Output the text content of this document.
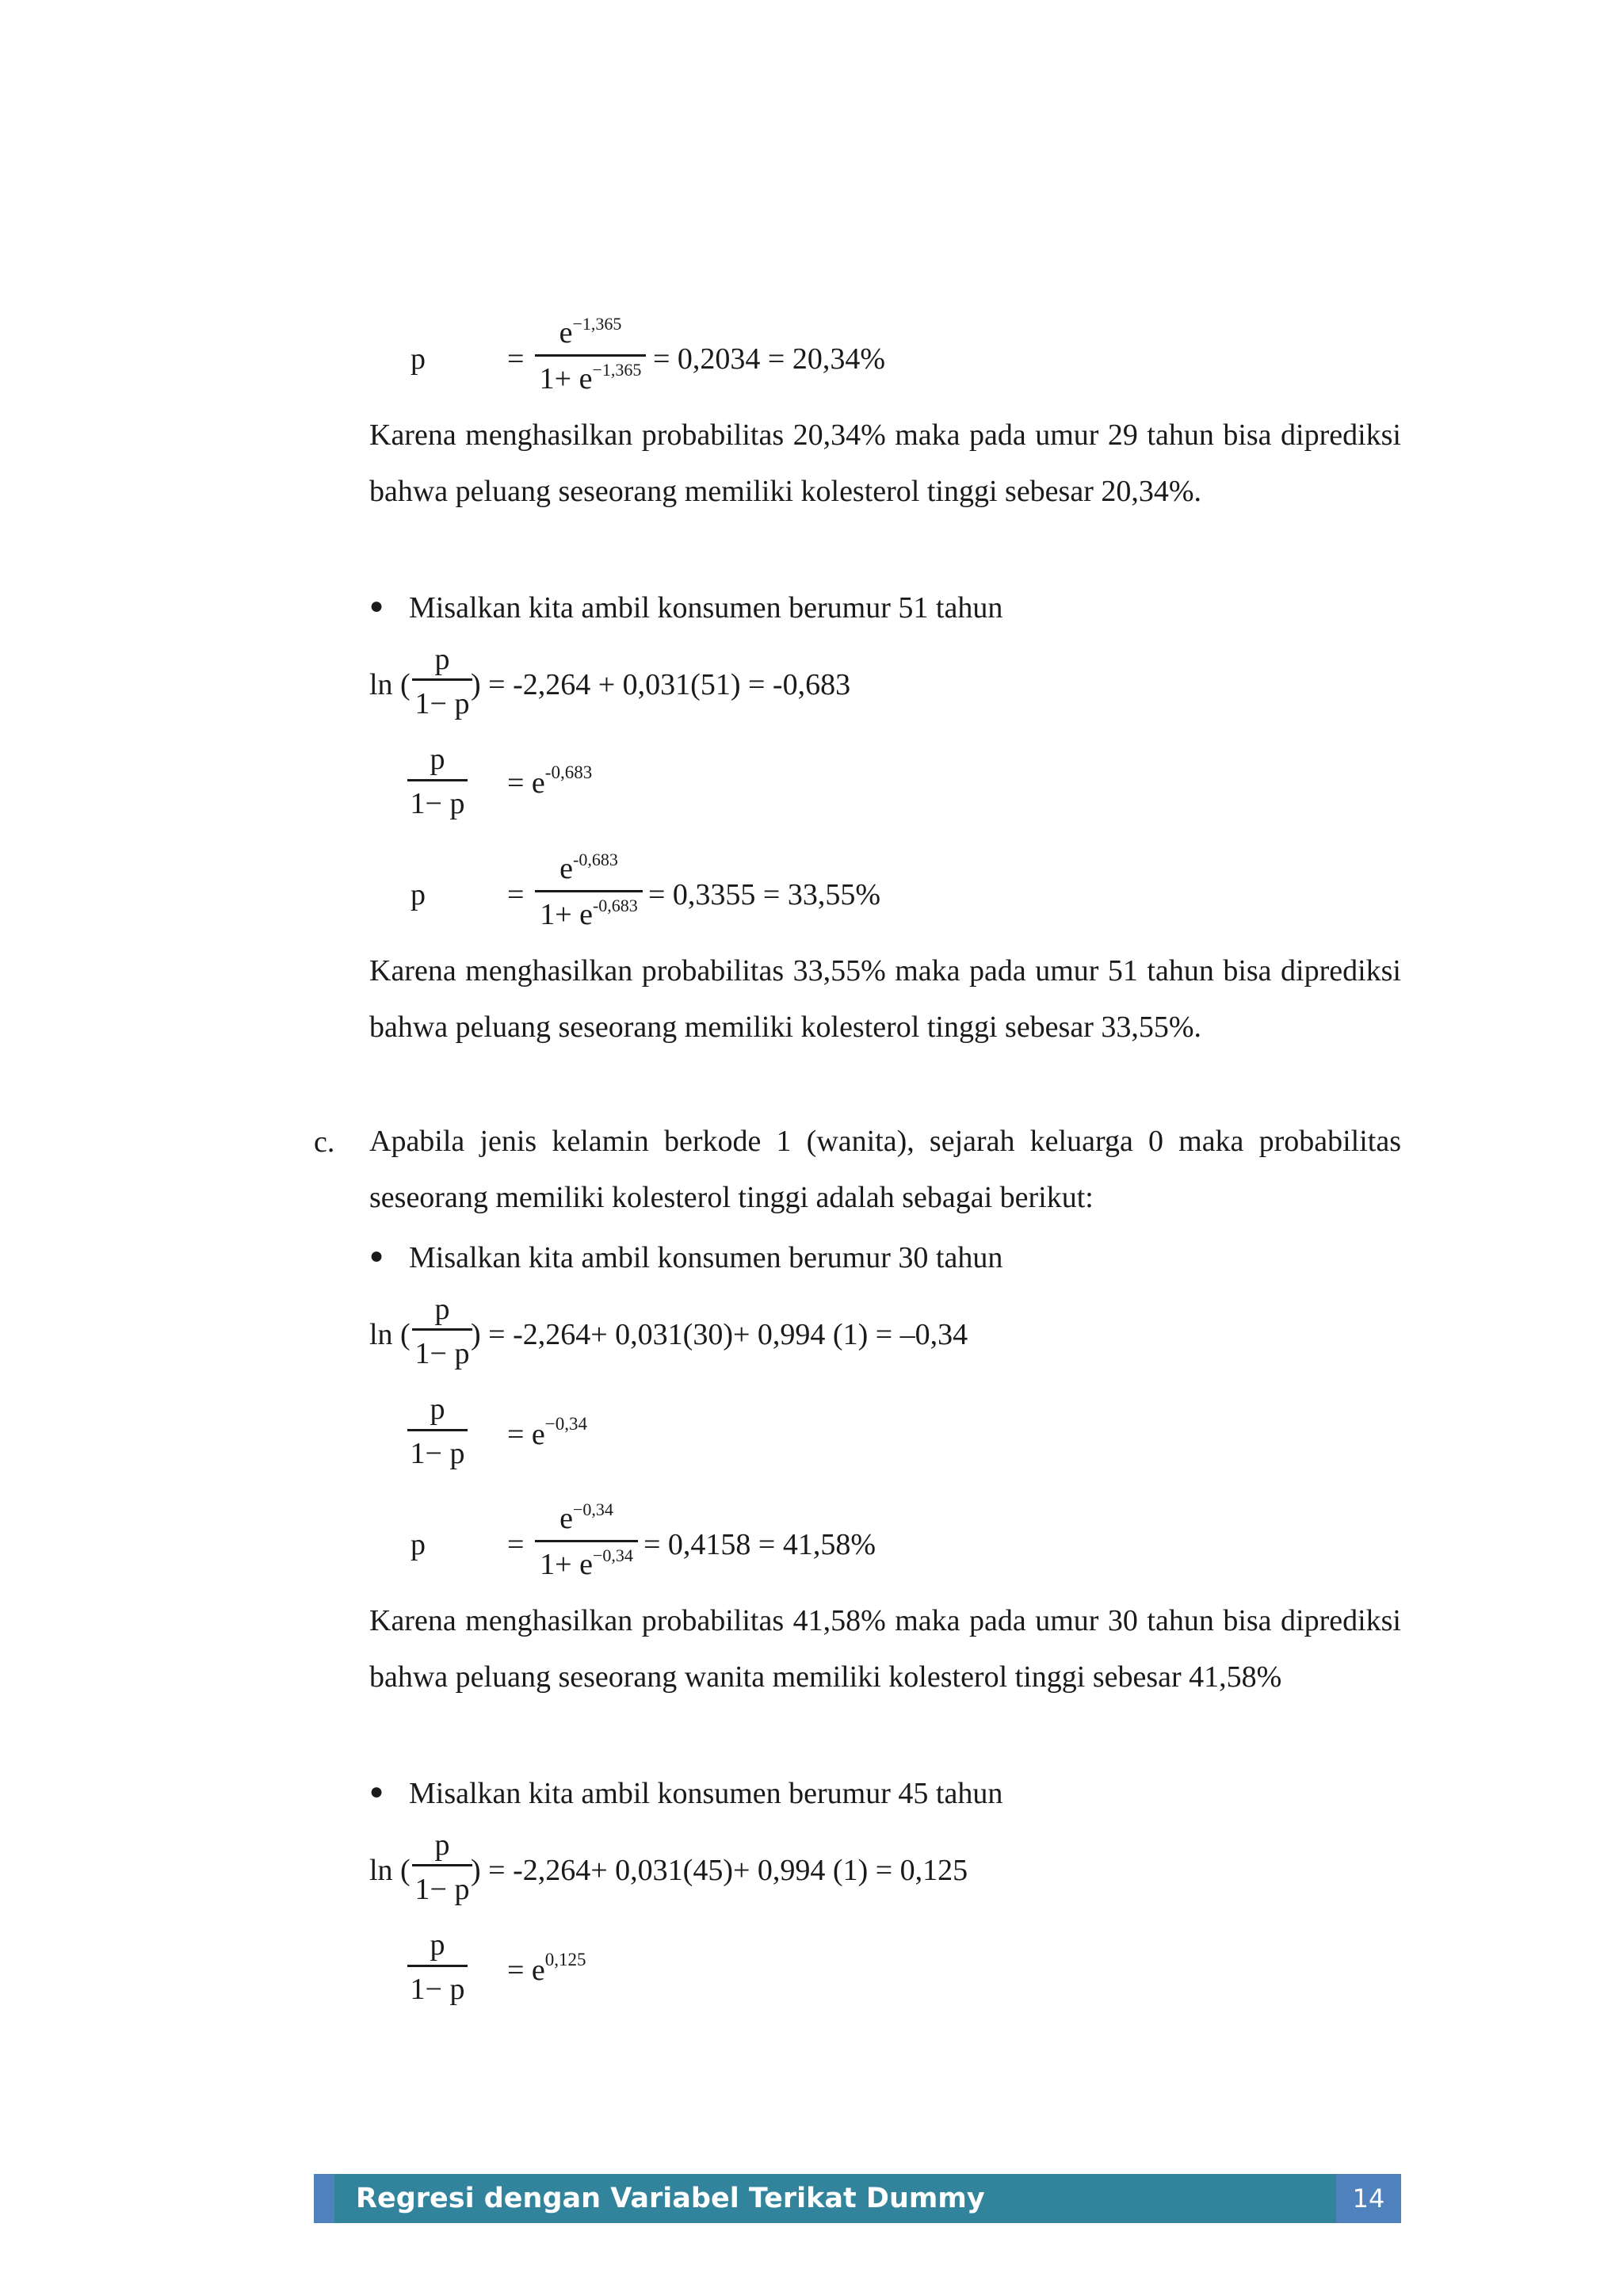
p	=
$e^{-1,365}$
$1+ e^{-1,365} = 0,2034 = 20,34\%$

Karena menghasilkan probabilitas 20,34% maka pada umur 29 tahun bisa diprediksi bahwa peluang seseorang memiliki kolesterol tinggi sebesar 20,34%.

● Misalkan kita ambil konsumen berumur 51 tahun
ln (
p
1− p
) = -2,264 + 0,031(51) = -0,683
p
1− p
= $e^{-0,683}$
p	=
$e^{-0,683}$
$1+ e^{-0,683} = 0,3355 = 33,55\%$

Karena menghasilkan probabilitas 33,55% maka pada umur 51 tahun bisa diprediksi bahwa peluang seseorang memiliki kolesterol tinggi sebesar 33,55%.

c. Apabila jenis kelamin berkode 1 (wanita), sejarah keluarga 0 maka probabilitas seseorang memiliki kolesterol tinggi adalah sebagai berikut:

● Misalkan kita ambil konsumen berumur 30 tahun
ln (
p
1− p
) = -2,264+ 0,031(30)+ 0,994 (1) = –0,34
p
1− p
= $e^{-0,34}$
p	=
$e^{-0,34}$
$1+ e^{-0,34} = 0,4158 = 41,58\%$

Karena menghasilkan probabilitas 41,58% maka pada umur 30 tahun bisa diprediksi bahwa peluang seseorang wanita memiliki kolesterol tinggi sebesar 41,58%

● Misalkan kita ambil konsumen berumur 45 tahun
ln (
p
1− p
) = -2,264+ 0,031(45)+ 0,994 (1) = 0,125
p
1− p
= $e^{0,125}$
Regresi dengan Variabel Terikat Dummy	14
